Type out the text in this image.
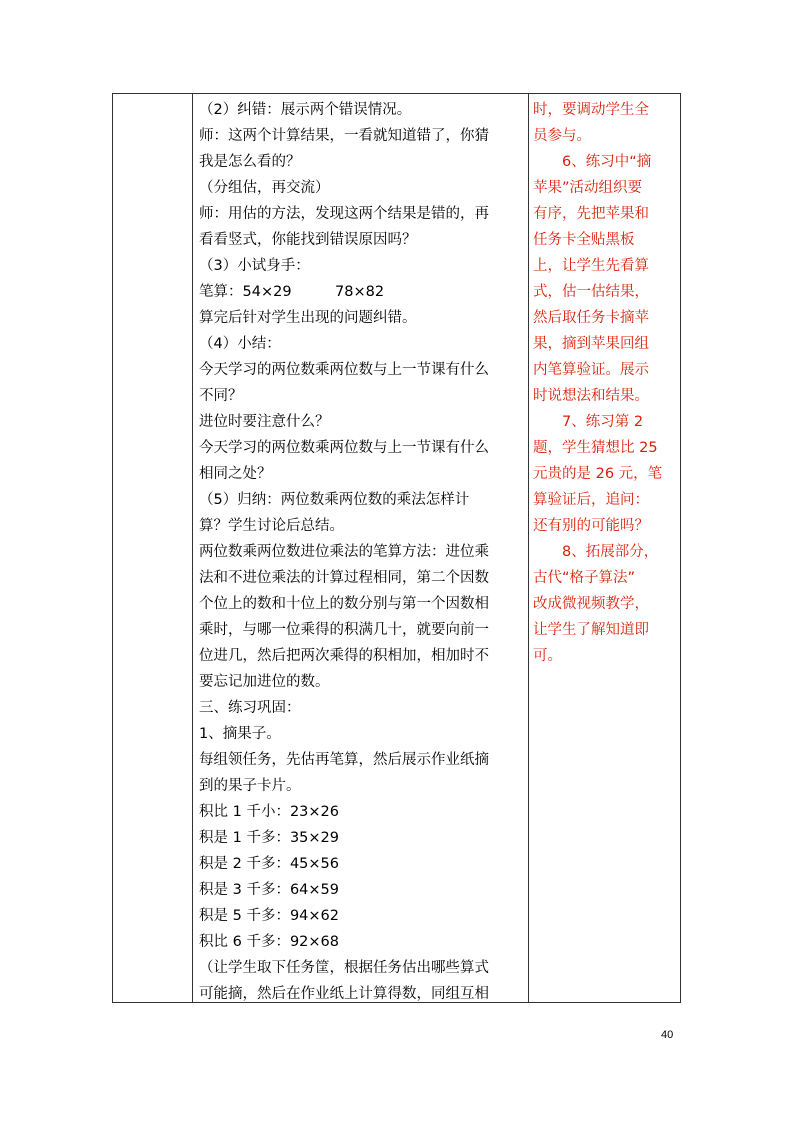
（2）纠错：展示两个错误情况。
师：这两个计算结果，一看就知道错了，你猜
我是怎么看的？
（分组估，再交流）
师：用估的方法，发现这两个结果是错的，再
看看竖式，你能找到错误原因吗？
（3）小试身手：
笔算：54×29　　　78×82
算完后针对学生出现的问题纠错。
（4）小结：
今天学习的两位数乘两位数与上一节课有什么
不同？
进位时要注意什么？
今天学习的两位数乘两位数与上一节课有什么
相同之处？
（5）归纳：两位数乘两位数的乘法怎样计
算？学生讨论后总结。
两位数乘两位数进位乘法的笔算方法：进位乘
法和不进位乘法的计算过程相同，第二个因数
个位上的数和十位上的数分别与第一个因数相
乘时，与哪一位乘得的积满几十，就要向前一
位进几，然后把两次乘得的积相加，相加时不
要忘记加进位的数。
三、练习巩固：
1、摘果子。
每组领任务，先估再笔算，然后展示作业纸摘
到的果子卡片。
积比 1 千小：23×26
积是 1 千多：35×29
积是 2 千多：45×56
积是 3 千多：64×59
积是 5 千多：94×62
积比 6 千多：92×68
（让学生取下任务筐，根据任务估出哪些算式
可能摘，然后在作业纸上计算得数，同组互相
时，要调动学生全
员参与。
6、练习中“摘
苹果”活动组织要
有序，先把苹果和
任务卡全贴黑板
上，让学生先看算
式，估一估结果，
然后取任务卡摘苹
果，摘到苹果回组
内笔算验证。展示
时说想法和结果。
7、练习第 2
题，学生猜想比 25
元贵的是 26 元，笔
算验证后，追问：
还有别的可能吗？
8、拓展部分，
古代“格子算法”
改成微视频教学，
让学生了解知道即
可。
40
